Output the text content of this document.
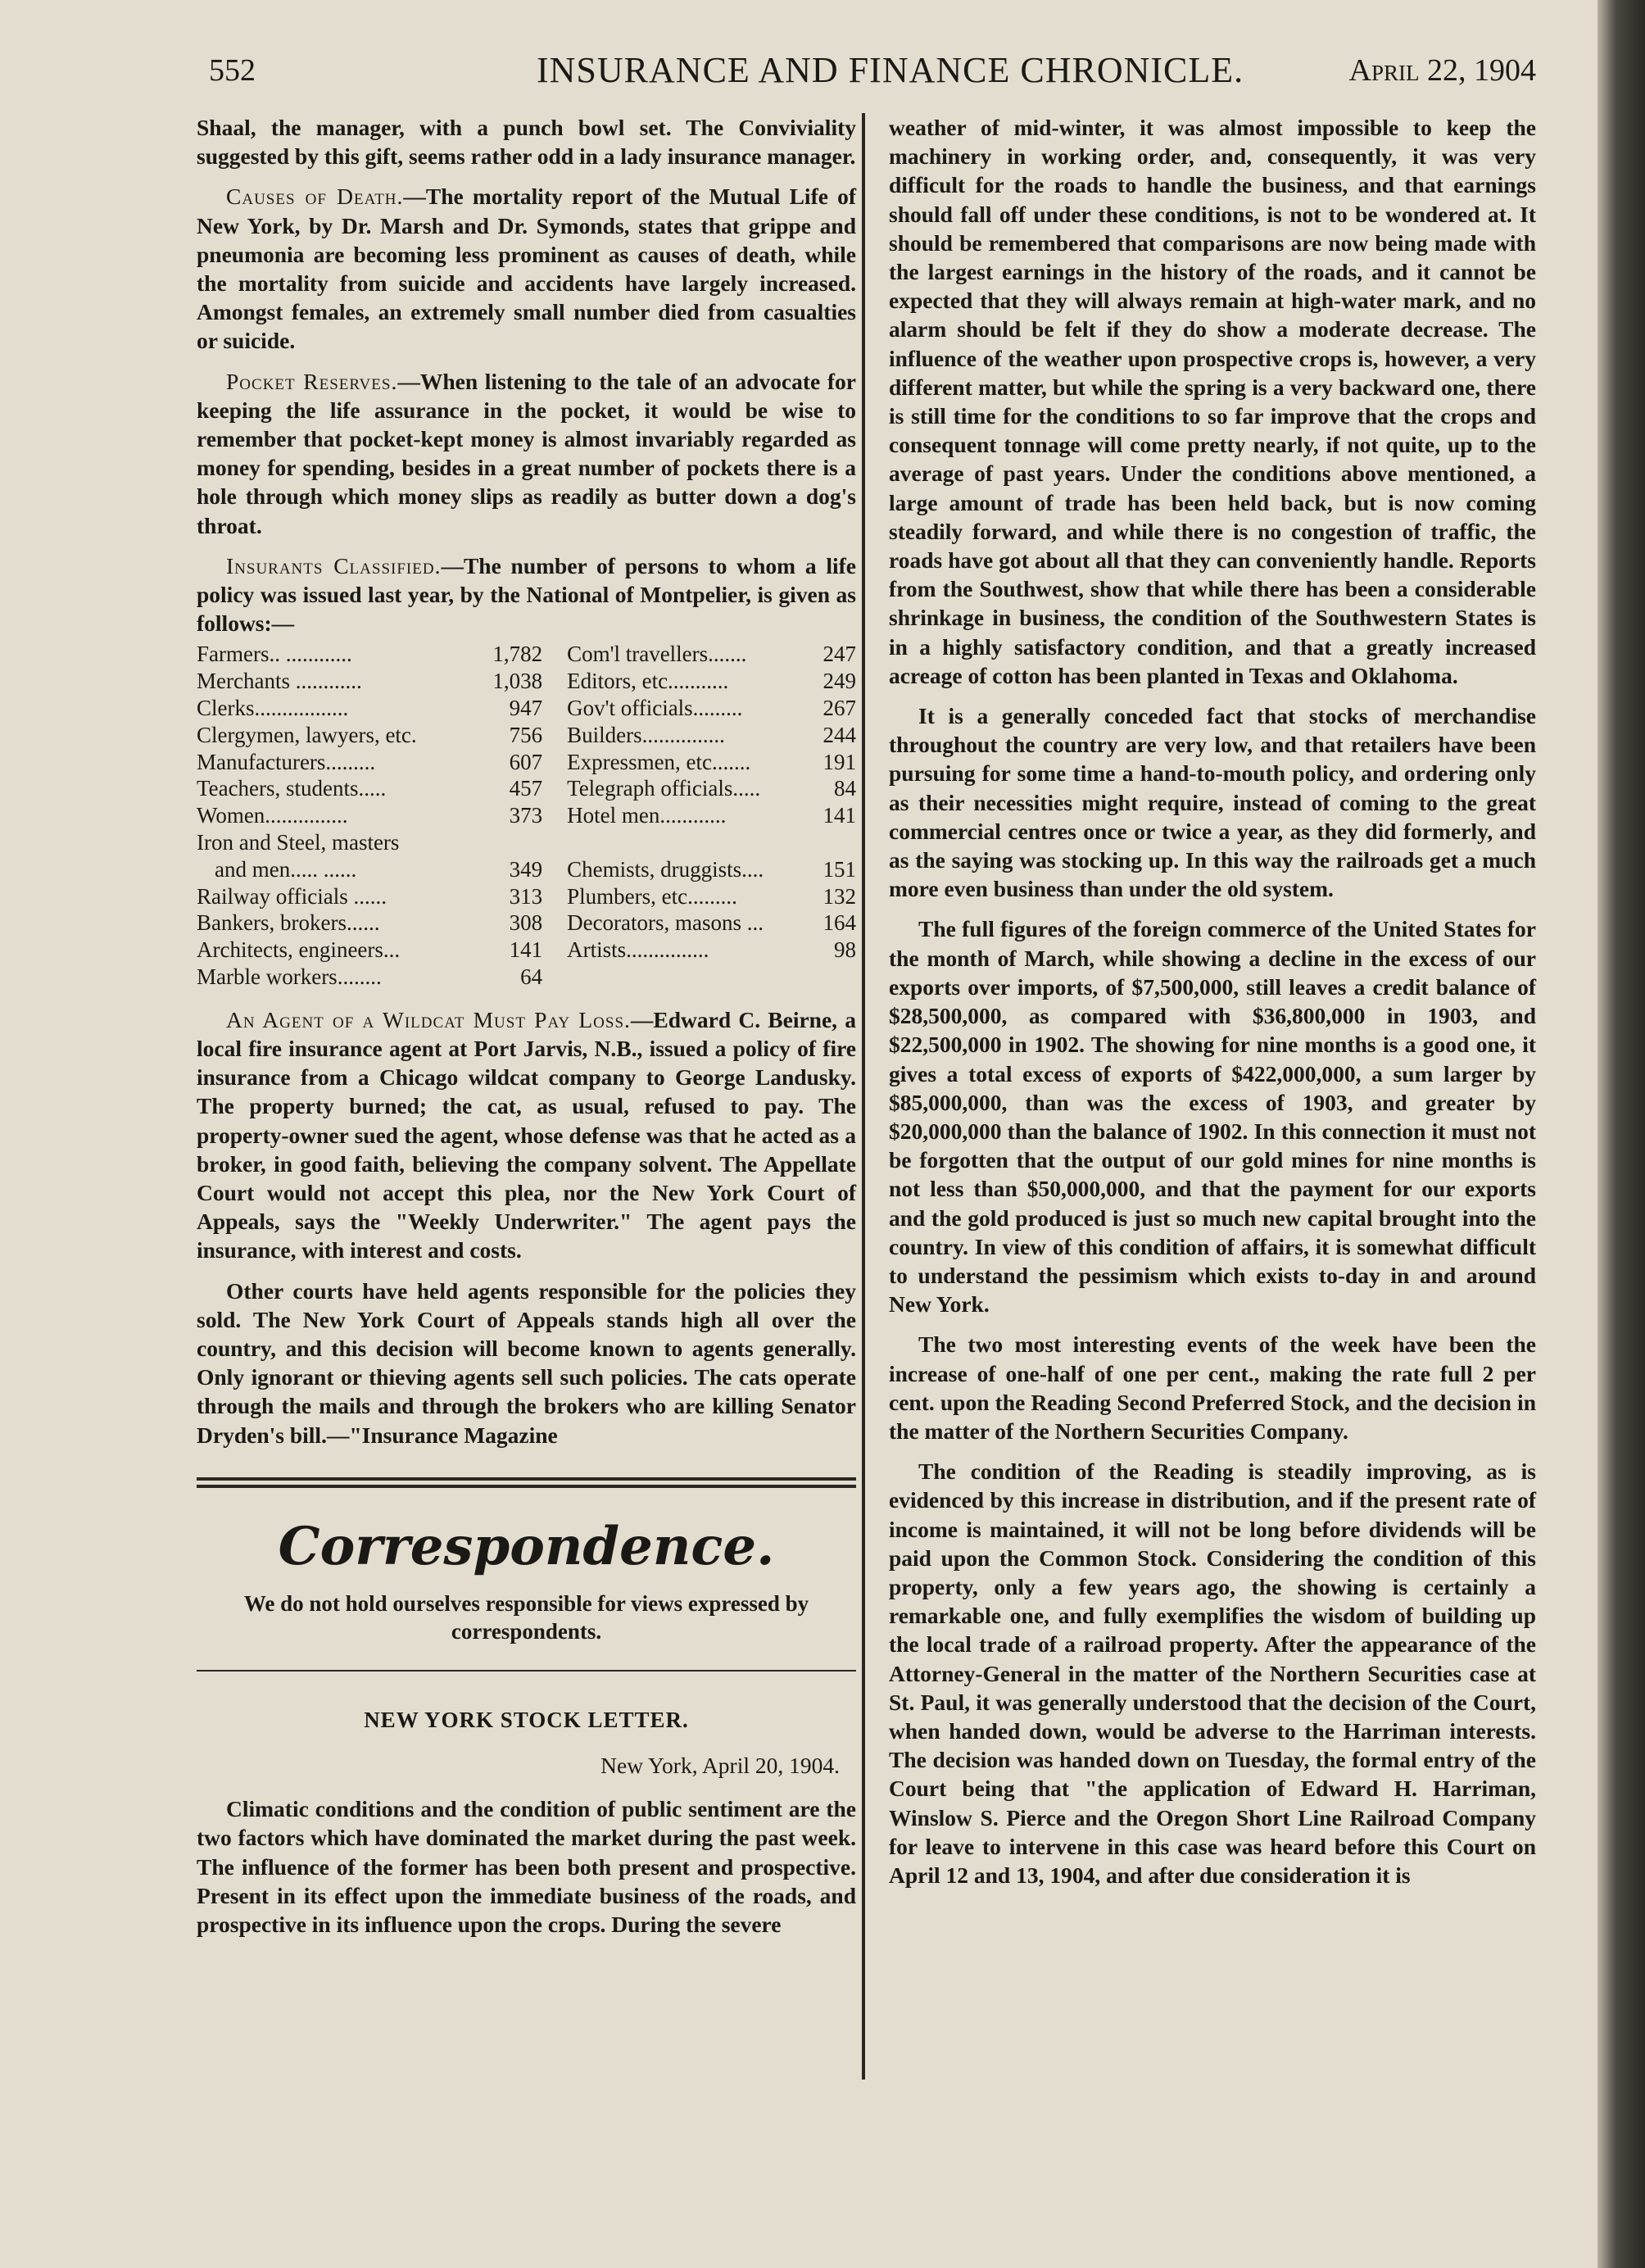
552	INSURANCE AND FINANCE CHRONICLE.	April 22, 1904

Shaal, the manager, with a punch bowl set. The Conviviality suggested by this gift, seems rather odd in a lady insurance manager.

Causes of Death.—The mortality report of the Mutual Life of New York, by Dr. Marsh and Dr. Symonds, states that grippe and pneumonia are becoming less prominent as causes of death, while the mortality from suicide and accidents have largely increased. Amongst females, an extremely small number died from casualties or suicide.

Pocket Reserves.—When listening to the tale of an advocate for keeping the life assurance in the pocket, it would be wise to remember that pocket-kept money is almost invariably regarded as money for spending, besides in a great number of pockets there is a hole through which money slips as readily as butter down a dog's throat.

Insurants Classified.—The number of persons to whom a life policy was issued last year, by the National of Montpelier, is given as follows:—

Farmers.. ............	1,782	Com'l travellers.......	247
Merchants ............	1,038	Editors, etc...........	249
Clerks.................	947	Gov't officials.........	267
Clergymen, lawyers, etc.	756	Builders...............	244
Manufacturers.........	607	Expressmen, etc.......	191
Teachers, students.....	457	Telegraph officials.....	84
Women...............	373	Hotel men............	141
Iron and Steel, masters			
and men..... ......	349	Chemists, druggists....	151
Railway officials ......	313	Plumbers, etc.........	132
Bankers, brokers......	308	Decorators, masons ...	164
Architects, engineers...	141	Artists...............	98
Marble workers........	64		

An Agent of a Wildcat Must Pay Loss.—Edward C. Beirne, a local fire insurance agent at Port Jarvis, N.B., issued a policy of fire insurance from a Chicago wildcat company to George Landusky. The property burned; the cat, as usual, refused to pay. The property-owner sued the agent, whose defense was that he acted as a broker, in good faith, believing the company solvent. The Appellate Court would not accept this plea, nor the New York Court of Appeals, says the "Weekly Underwriter." The agent pays the insurance, with interest and costs.

Other courts have held agents responsible for the policies they sold. The New York Court of Appeals stands high all over the country, and this decision will become known to agents generally. Only ignorant or thieving agents sell such policies. The cats operate through the mails and through the brokers who are killing Senator Dryden's bill.—"Insurance Magazine

Correspondence.
We do not hold ourselves responsible for views expressed by correspondents.
NEW YORK STOCK LETTER.
New York, April 20, 1904.

Climatic conditions and the condition of public sentiment are the two factors which have dominated the market during the past week. The influence of the former has been both present and prospective. Present in its effect upon the immediate business of the roads, and prospective in its influence upon the crops. During the severe

weather of mid-winter, it was almost impossible to keep the machinery in working order, and, consequently, it was very difficult for the roads to handle the business, and that earnings should fall off under these conditions, is not to be wondered at. It should be remembered that comparisons are now being made with the largest earnings in the history of the roads, and it cannot be expected that they will always remain at high-water mark, and no alarm should be felt if they do show a moderate decrease. The influence of the weather upon prospective crops is, however, a very different matter, but while the spring is a very backward one, there is still time for the conditions to so far improve that the crops and consequent tonnage will come pretty nearly, if not quite, up to the average of past years. Under the conditions above mentioned, a large amount of trade has been held back, but is now coming steadily forward, and while there is no congestion of traffic, the roads have got about all that they can conveniently handle. Reports from the Southwest, show that while there has been a considerable shrinkage in business, the condition of the Southwestern States is in a highly satisfactory condition, and that a greatly increased acreage of cotton has been planted in Texas and Oklahoma.

It is a generally conceded fact that stocks of merchandise throughout the country are very low, and that retailers have been pursuing for some time a hand-to-mouth policy, and ordering only as their necessities might require, instead of coming to the great commercial centres once or twice a year, as they did formerly, and as the saying was stocking up. In this way the railroads get a much more even business than under the old system.

The full figures of the foreign commerce of the United States for the month of March, while showing a decline in the excess of our exports over imports, of $7,500,000, still leaves a credit balance of $28,500,000, as compared with $36,800,000 in 1903, and $22,500,000 in 1902. The showing for nine months is a good one, it gives a total excess of exports of $422,000,000, a sum larger by $85,000,000, than was the excess of 1903, and greater by $20,000,000 than the balance of 1902. In this connection it must not be forgotten that the output of our gold mines for nine months is not less than $50,000,000, and that the payment for our exports and the gold produced is just so much new capital brought into the country. In view of this condition of affairs, it is somewhat difficult to understand the pessimism which exists to-day in and around New York.

The two most interesting events of the week have been the increase of one-half of one per cent., making the rate full 2 per cent. upon the Reading Second Preferred Stock, and the decision in the matter of the Northern Securities Company.

The condition of the Reading is steadily improving, as is evidenced by this increase in distribution, and if the present rate of income is maintained, it will not be long before dividends will be paid upon the Common Stock. Considering the condition of this property, only a few years ago, the showing is certainly a remarkable one, and fully exemplifies the wisdom of building up the local trade of a railroad property. After the appearance of the Attorney-General in the matter of the Northern Securities case at St. Paul, it was generally understood that the decision of the Court, when handed down, would be adverse to the Harriman interests. The decision was handed down on Tuesday, the formal entry of the Court being that "the application of Edward H. Harriman, Winslow S. Pierce and the Oregon Short Line Railroad Company for leave to intervene in this case was heard before this Court on April 12 and 13, 1904, and after due consideration it is
